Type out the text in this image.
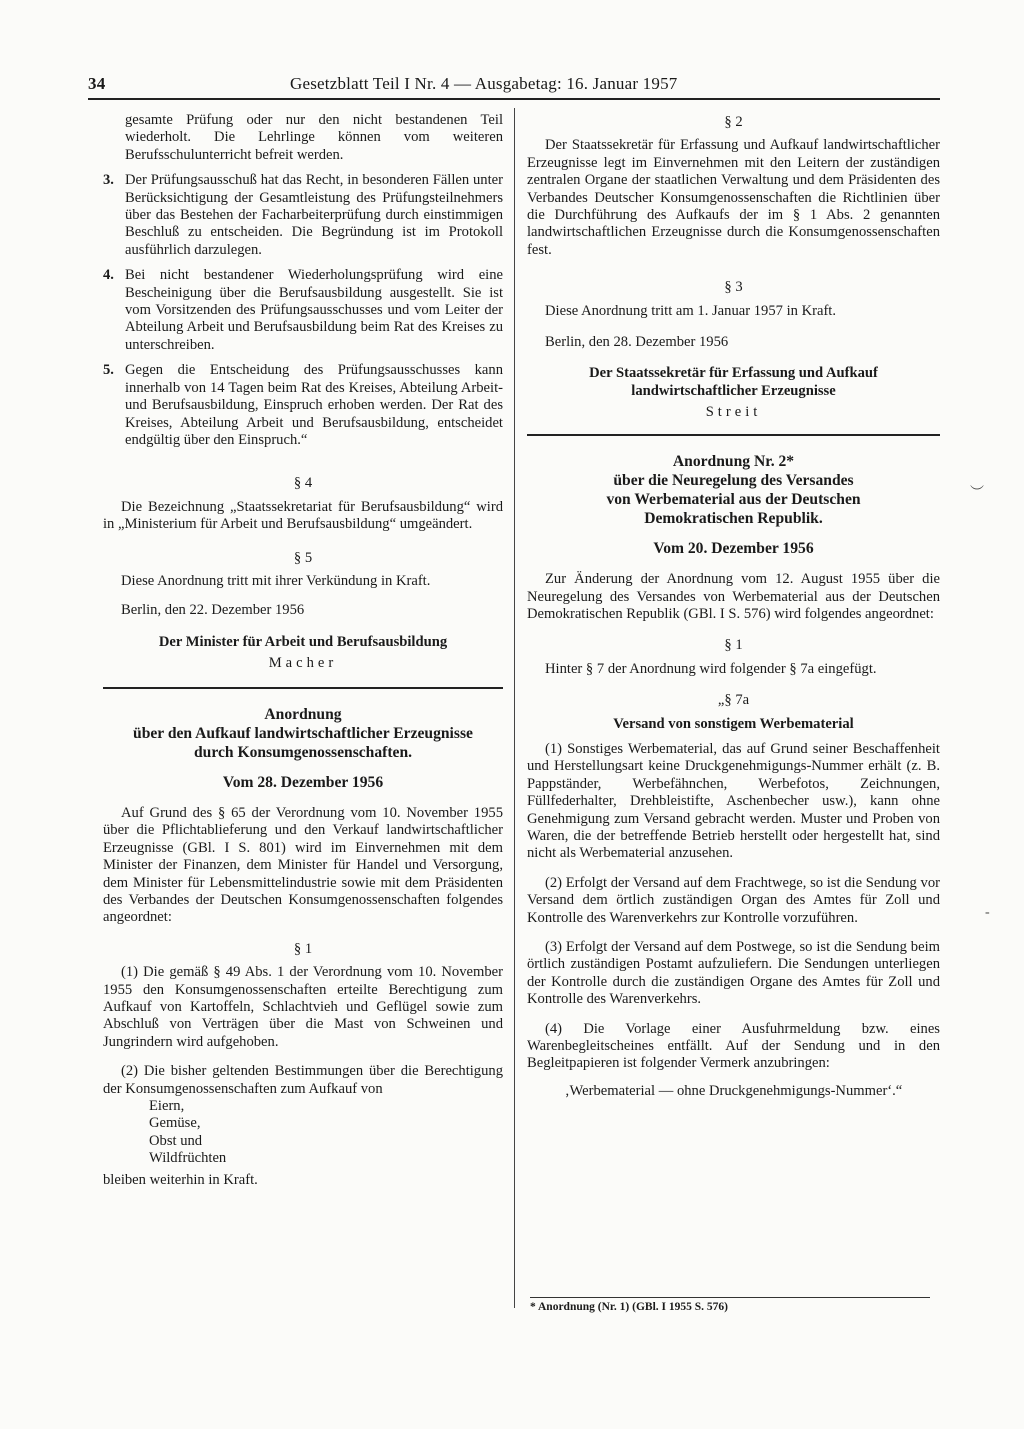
34	Gesetzblatt Teil I Nr. 4 — Ausgabetag: 16. Januar 1957

gesamte Prüfung oder nur den nicht bestandenen Teil wiederholt. Die Lehrlinge können vom weiteren Berufsschulunterricht befreit werden.

3. Der Prüfungsausschuß hat das Recht, in besonderen Fällen unter Berücksichtigung der Gesamtleistung des Prüfungsteilnehmers über das Bestehen der Facharbeiterprüfung durch einstimmigen Beschluß zu entscheiden. Die Begründung ist im Protokoll ausführlich darzulegen.
4. Bei nicht bestandener Wiederholungsprüfung wird eine Bescheinigung über die Berufsausbildung ausgestellt. Sie ist vom Vorsitzenden des Prüfungsausschusses und vom Leiter der Abteilung Arbeit und Berufsausbildung beim Rat des Kreises zu unterschreiben.
5. Gegen die Entscheidung des Prüfungsausschusses kann innerhalb von 14 Tagen beim Rat des Kreises, Abteilung Arbeit- und Berufsausbildung, Einspruch erhoben werden. Der Rat des Kreises, Abteilung Arbeit und Berufsausbildung, entscheidet endgültig über den Einspruch.“
§ 4

Die Bezeichnung „Staatssekretariat für Berufsausbildung“ wird in „Ministerium für Arbeit und Berufsausbildung“ umgeändert.

§ 5

Diese Anordnung tritt mit ihrer Verkündung in Kraft.

Berlin, den 22. Dezember 1956

Der Minister für Arbeit und Berufsausbildung
Macher
Anordnung
über den Aufkauf landwirtschaftlicher Erzeugnisse
durch Konsumgenossenschaften.
Vom 28. Dezember 1956

Auf Grund des § 65 der Verordnung vom 10. November 1955 über die Pflichtablieferung und den Verkauf landwirtschaftlicher Erzeugnisse (GBl. I S. 801) wird im Einvernehmen mit dem Minister der Finanzen, dem Minister für Handel und Versorgung, dem Minister für Lebensmittelindustrie sowie mit dem Präsidenten des Verbandes der Deutschen Konsumgenossenschaften folgendes angeordnet:

§ 1

(1) Die gemäß § 49 Abs. 1 der Verordnung vom 10. November 1955 den Konsumgenossenschaften erteilte Berechtigung zum Aufkauf von Kartoffeln, Schlachtvieh und Geflügel sowie zum Abschluß von Verträgen über die Mast von Schweinen und Jungrindern wird aufgehoben.

(2) Die bisher geltenden Bestimmungen über die Berechtigung der Konsumgenossenschaften zum Aufkauf von

Eiern,
Gemüse,
Obst und
Wildfrüchten

bleiben weiterhin in Kraft.

§ 2

Der Staatssekretär für Erfassung und Aufkauf landwirtschaftlicher Erzeugnisse legt im Einvernehmen mit den Leitern der zuständigen zentralen Organe der staatlichen Verwaltung und dem Präsidenten des Verbandes Deutscher Konsumgenossenschaften die Richtlinien über die Durchführung des Aufkaufs der im § 1 Abs. 2 genannten landwirtschaftlichen Erzeugnisse durch die Konsumgenossenschaften fest.

§ 3

Diese Anordnung tritt am 1. Januar 1957 in Kraft.

Berlin, den 28. Dezember 1956

Der Staatssekretär für Erfassung und Aufkauf
landwirtschaftlicher Erzeugnisse
Streit
Anordnung Nr. 2*
über die Neuregelung des Versandes
von Werbematerial aus der Deutschen
Demokratischen Republik.
Vom 20. Dezember 1956

Zur Änderung der Anordnung vom 12. August 1955 über die Neuregelung des Versandes von Werbematerial aus der Deutschen Demokratischen Republik (GBl. I S. 576) wird folgendes angeordnet:

§ 1

Hinter § 7 der Anordnung wird folgender § 7a eingefügt.

„§ 7a
Versand von sonstigem Werbematerial

(1) Sonstiges Werbematerial, das auf Grund seiner Beschaffenheit und Herstellungsart keine Druckgenehmigungs-Nummer erhält (z. B. Pappständer, Werbefähnchen, Werbefotos, Zeichnungen, Füllfederhalter, Drehbleistifte, Aschenbecher usw.), kann ohne Genehmigung zum Versand gebracht werden. Muster und Proben von Waren, die der betreffende Betrieb herstellt oder hergestellt hat, sind nicht als Werbematerial anzusehen.

(2) Erfolgt der Versand auf dem Frachtwege, so ist die Sendung vor Versand dem örtlich zuständigen Organ des Amtes für Zoll und Kontrolle des Warenverkehrs zur Kontrolle vorzuführen.

(3) Erfolgt der Versand auf dem Postwege, so ist die Sendung beim örtlich zuständigen Postamt aufzuliefern. Die Sendungen unterliegen der Kontrolle durch die zuständigen Organe des Amtes für Zoll und Kontrolle des Warenverkehrs.

(4) Die Vorlage einer Ausfuhrmeldung bzw. eines Warenbegleitscheines entfällt. Auf der Sendung und in den Begleitpapieren ist folgender Vermerk anzubringen:

‚Werbematerial — ohne Druckgenehmigungs-Nummer‘.“

* Anordnung (Nr. 1) (GBl. I 1955 S. 576)
︶
-
